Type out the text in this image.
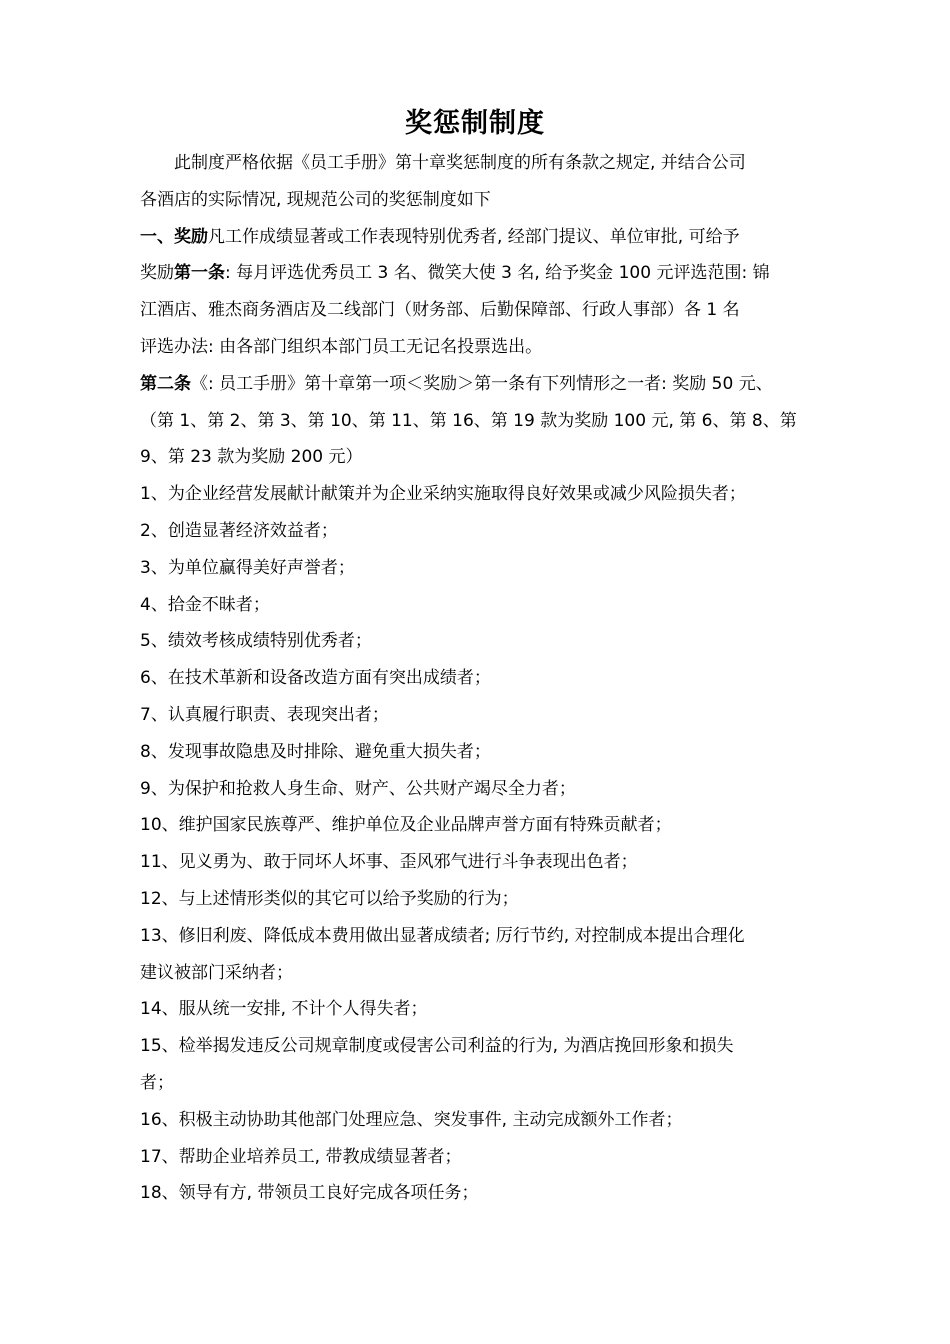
奖惩制制度
此制度严格依据《员工手册》第十章奖惩制度的所有条款之规定, 并结合公司
各酒店的实际情况, 现规范公司的奖惩制度如下
一、奖励凡工作成绩显著或工作表现特别优秀者, 经部门提议、单位审批, 可给予
奖励第一条: 每月评选优秀员工 3 名、微笑大使 3 名, 给予奖金 100 元评选范围: 锦
江酒店、雅杰商务酒店及二线部门（财务部、后勤保障部、行政人事部）各 1 名
评选办法: 由各部门组织本部门员工无记名投票选出。
第二条《: 员工手册》第十章第一项＜奖励＞第一条有下列情形之一者: 奖励 50 元、
（第 1、第 2、第 3、第 10、第 11、第 16、第 19 款为奖励 100 元, 第 6、第 8、第
9、第 23 款为奖励 200 元）
1、为企业经营发展献计献策并为企业采纳实施取得良好效果或减少风险损失者；
2、创造显著经济效益者；
3、为单位赢得美好声誉者；
4、拾金不昧者；
5、绩效考核成绩特别优秀者；
6、在技术革新和设备改造方面有突出成绩者；
7、认真履行职责、表现突出者；
8、发现事故隐患及时排除、避免重大损失者；
9、为保护和抢救人身生命、财产、公共财产竭尽全力者；
10、维护国家民族尊严、维护单位及企业品牌声誉方面有特殊贡献者；
11、见义勇为、敢于同坏人坏事、歪风邪气进行斗争表现出色者；
12、与上述情形类似的其它可以给予奖励的行为；
13、修旧利废、降低成本费用做出显著成绩者; 厉行节约, 对控制成本提出合理化
建议被部门采纳者；
14、服从统一安排, 不计个人得失者；
15、检举揭发违反公司规章制度或侵害公司利益的行为, 为酒店挽回形象和损失
者；
16、积极主动协助其他部门处理应急、突发事件, 主动完成额外工作者；
17、帮助企业培养员工, 带教成绩显著者；
18、领导有方, 带领员工良好完成各项任务；
